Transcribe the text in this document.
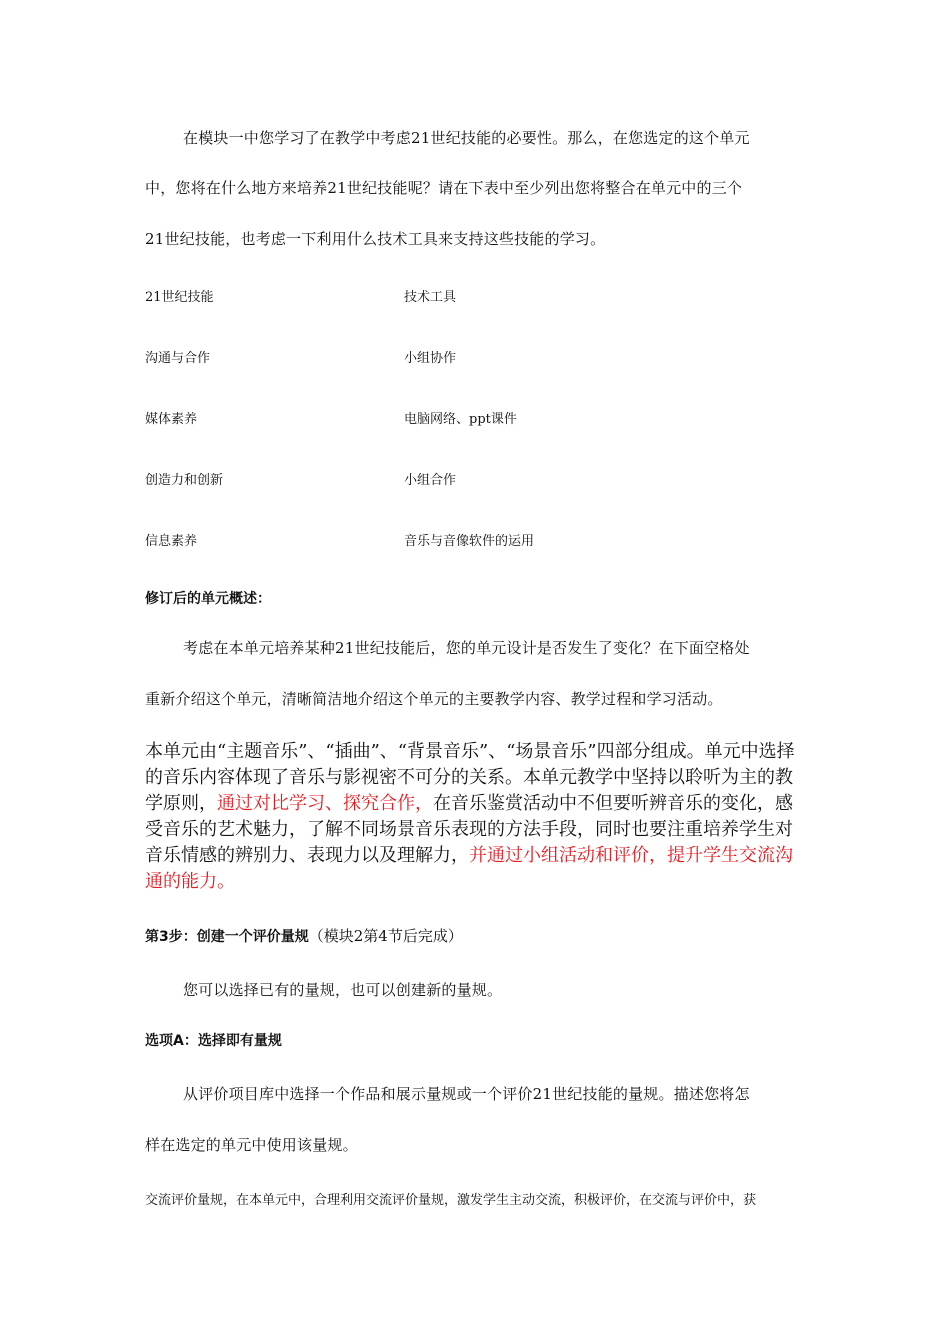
在模块一中您学习了在教学中考虑21世纪技能的必要性。那么，在您选定的这个单元

中，您将在什么地方来培养21世纪技能呢？请在下表中至少列出您将整合在单元中的三个

21世纪技能，也考虑一下利用什么技术工具来支持这些技能的学习。

21世纪技能	技术工具
沟通与合作	小组协作
媒体素养	电脑网络、ppt课件
创造力和创新	小组合作
信息素养	音乐与音像软件的运用

修订后的单元概述：

考虑在本单元培养某种21世纪技能后，您的单元设计是否发生了变化？在下面空格处

重新介绍这个单元，清晰简洁地介绍这个单元的主要教学内容、教学过程和学习活动。

本单元由“主题音乐”、“插曲”、“背景音乐”、“场景音乐”四部分组成。单元中选择的音乐内容体现了音乐与影视密不可分的关系。本单元教学中坚持以聆听为主的教学原则，通过对比学习、探究合作，在音乐鉴赏活动中不但要听辨音乐的变化，感受音乐的艺术魅力，了解不同场景音乐表现的方法手段，同时也要注重培养学生对音乐情感的辨别力、表现力以及理解力，并通过小组活动和评价，提升学生交流沟通的能力。

第3步：创建一个评价量规（模块2第4节后完成）

您可以选择已有的量规，也可以创建新的量规。

选项A：选择即有量规

从评价项目库中选择一个作品和展示量规或一个评价21世纪技能的量规。描述您将怎

样在选定的单元中使用该量规。

交流评价量规，在本单元中，合理利用交流评价量规，激发学生主动交流，积极评价，在交流与评价中，获
